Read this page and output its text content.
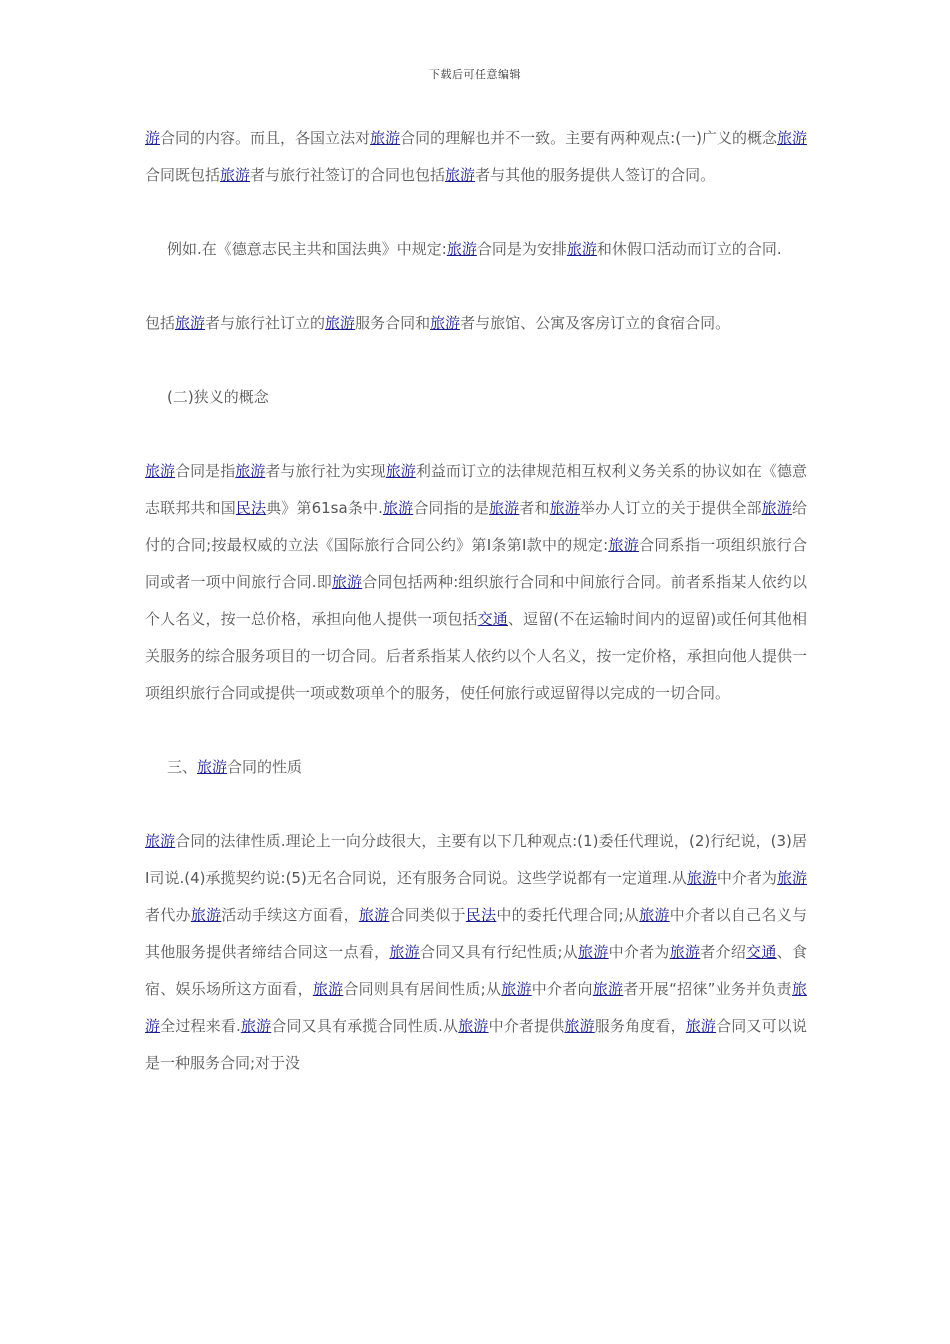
下载后可任意编辑

游合同的内容。而且，各国立法对旅游合同的理解也并不一致。主要有两种观点:(一)广义的概念旅游合同既包括旅游者与旅行社签订的合同也包括旅游者与其他的服务提供人签订的合同。

例如.在《德意志民主共和国法典》中规定:旅游合同是为安排旅游和休假口活动而订立的合同.

包括旅游者与旅行社订立的旅游服务合同和旅游者与旅馆、公寓及客房订立的食宿合同。

(二)狭义的概念

旅游合同是指旅游者与旅行社为实现旅游利益而订立的法律规范相互权利义务关系的协议如在《德意志联邦共和国民法典》第61sa条中.旅游合同指的是旅游者和旅游举办人订立的关于提供全部旅游给付的合同;按最权威的立法《国际旅行合同公约》第Ⅰ条第Ⅰ款中的规定:旅游合同系指一项组织旅行合同或者一项中间旅行合同.即旅游合同包括两种:组织旅行合同和中间旅行合同。前者系指某人依约以个人名义，按一总价格，承担向他人提供一项包括交通、逗留(不在运输时间内的逗留)或任何其他相关服务的综合服务项目的一切合同。后者系指某人依约以个人名义，按一定价格，承担向他人提供一项组织旅行合同或提供一项或数项单个的服务，使任何旅行或逗留得以完成的一切合同。

三、旅游合同的性质

旅游合同的法律性质.理论上一向分歧很大，主要有以下几种观点:(1)委任代理说，(2)行纪说，(3)居Ⅰ司说.(4)承揽契约说:(5)无名合同说，还有服务合同说。这些学说都有一定道理.从旅游中介者为旅游者代办旅游活动手续这方面看，旅游合同类似于民法中的委托代理合同;从旅游中介者以自己名义与其他服务提供者缔结合同这一点看，旅游合同又具有行纪性质;从旅游中介者为旅游者介绍交通、食宿、娱乐场所这方面看，旅游合同则具有居间性质;从旅游中介者向旅游者开展“招徕”业务并负责旅游全过程来看.旅游合同又具有承揽合同性质.从旅游中介者提供旅游服务角度看，旅游合同又可以说是一种服务合同;对于没
